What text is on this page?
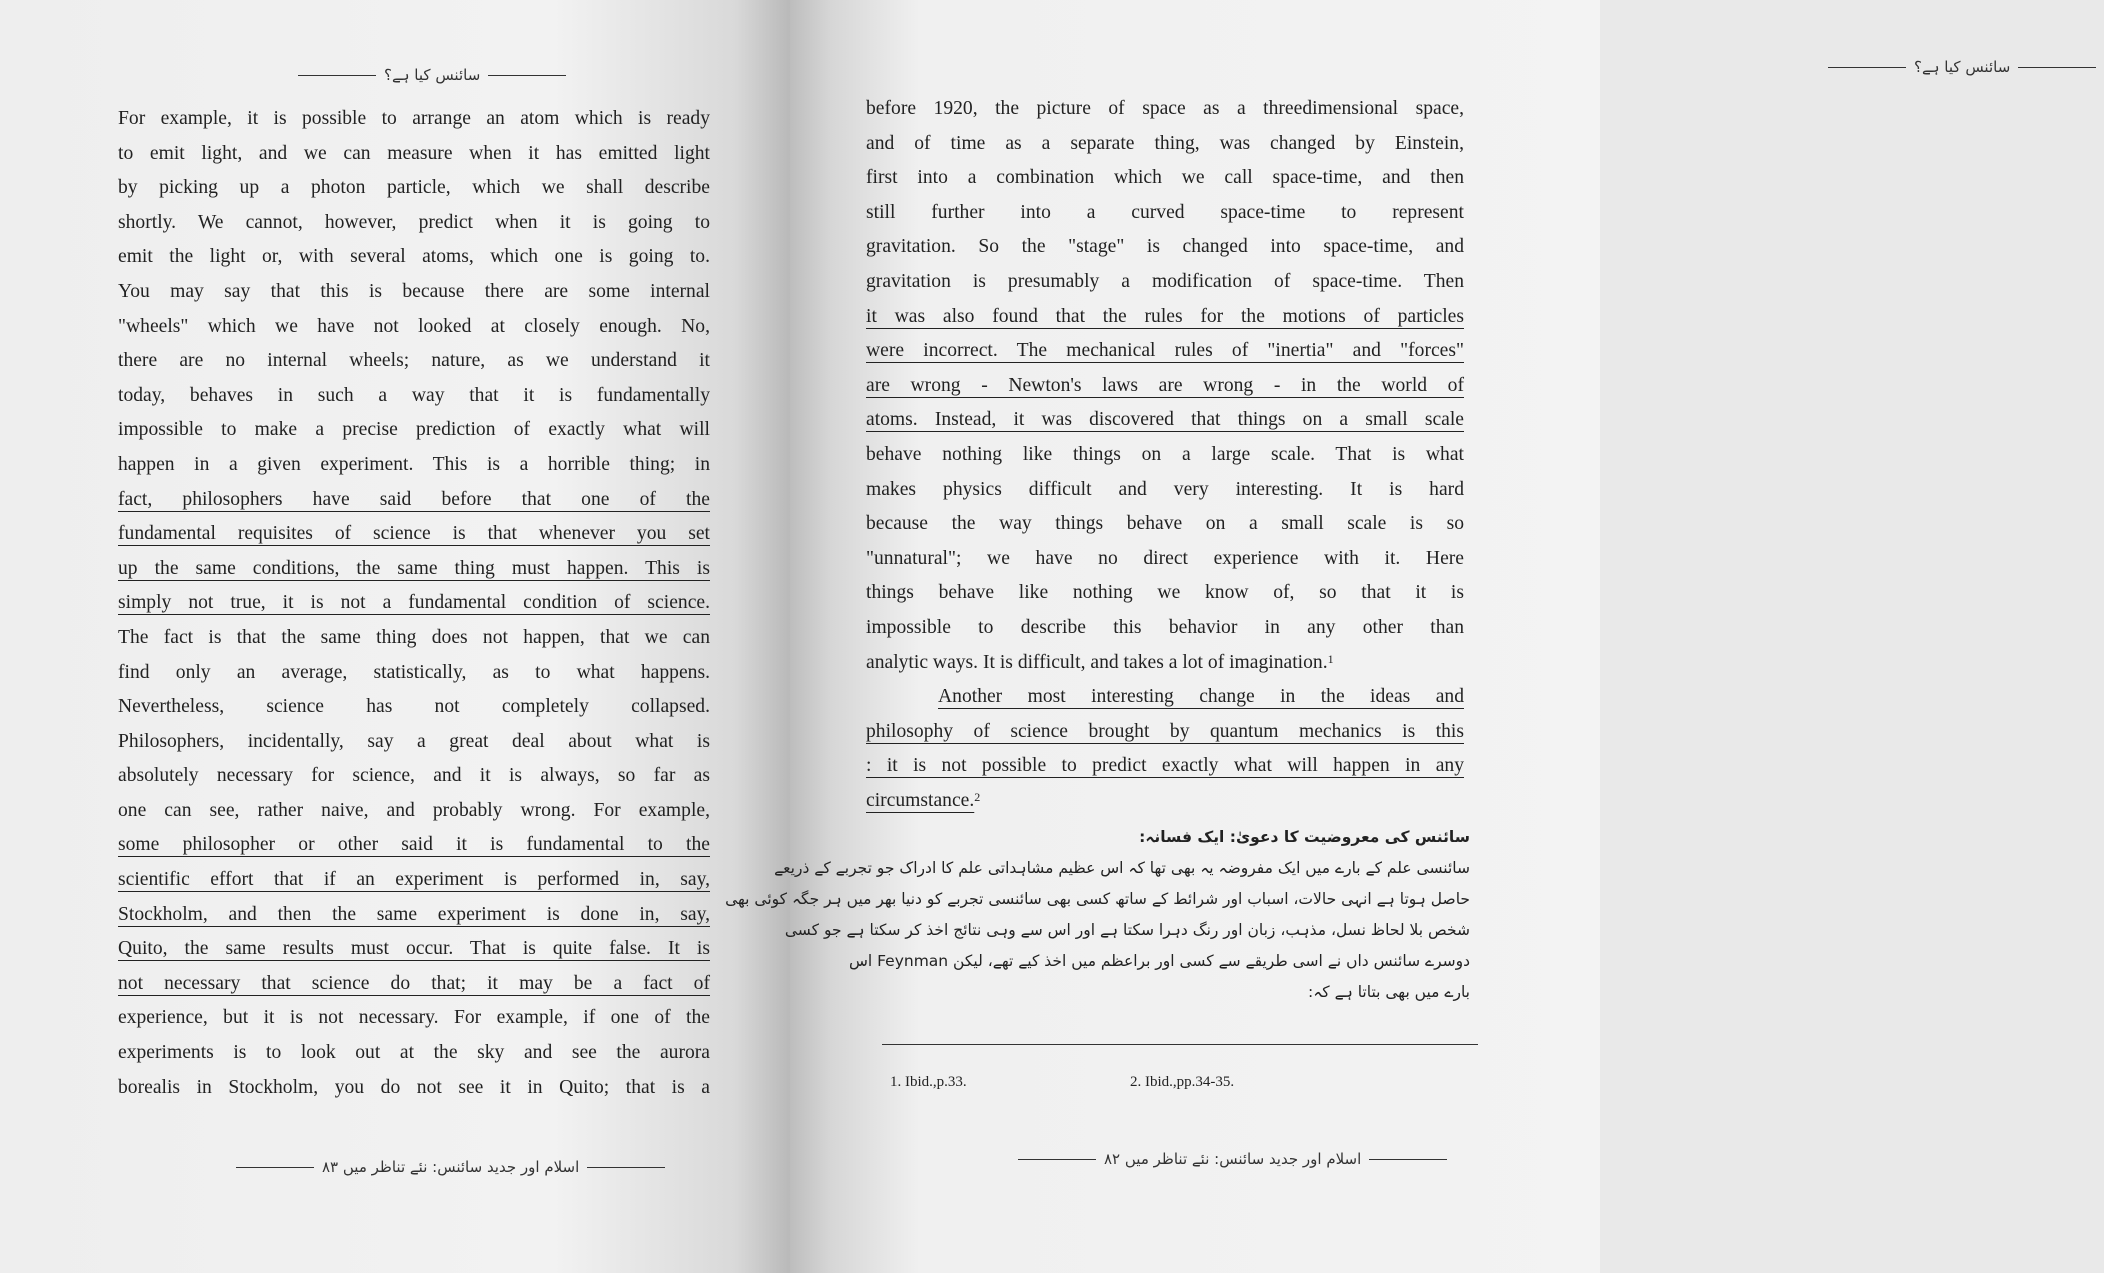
سائنس کیا ہے؟
For example, it is possible to arrange an atom which is ready
to emit light, and we can measure when it has emitted light
by picking up a photon particle, which we shall describe
shortly. We cannot, however, predict when it is going to
emit the light or, with several atoms, which one is going to.
You may say that this is because there are some internal
"wheels" which we have not looked at closely enough. No,
there are no internal wheels; nature, as we understand it
today, behaves in such a way that it is fundamentally
impossible to make a precise prediction of exactly what will
happen in a given experiment. This is a horrible thing; in
fact, philosophers have said before that one of the
fundamental requisites of science is that whenever you set
up the same conditions, the same thing must happen. This is
simply not true, it is not a fundamental condition of science.
The fact is that the same thing does not happen, that we can
find only an average, statistically, as to what happens.
Nevertheless, science has not completely collapsed.
Philosophers, incidentally, say a great deal about what is
absolutely necessary for science, and it is always, so far as
one can see, rather naive, and probably wrong. For example,
some philosopher or other said it is fundamental to the
scientific effort that if an experiment is performed in, say,
Stockholm, and then the same experiment is done in, say,
Quito, the same results must occur. That is quite false. It is
not necessary that science do that; it may be a fact of
experience, but it is not necessary. For example, if one of the
experiments is to look out at the sky and see the aurora
borealis in Stockholm, you do not see it in Quito; that is a
اسلام اور جدید سائنس: نئے تناظر میں ۸۳
سائنس کیا ہے؟
before 1920, the picture of space as a threedimensional space,
and of time as a separate thing, was changed by Einstein,
first into a combination which we call space-time, and then
still further into a curved space-time to represent
gravitation. So the "stage" is changed into space-time, and
gravitation is presumably a modification of space-time. Then
it was also found that the rules for the motions of particles
were incorrect. The mechanical rules of "inertia" and "forces"
are wrong - Newton's laws are wrong - in the world of
atoms. Instead, it was discovered that things on a small scale
behave nothing like things on a large scale. That is what
makes physics difficult and very interesting. It is hard
because the way things behave on a small scale is so
"unnatural"; we have no direct experience with it. Here
things behave like nothing we know of, so that it is
impossible to describe this behavior in any other than
analytic ways. It is difficult, and takes a lot of imagination.$^1$
Another most interesting change in the ideas and
philosophy of science brought by quantum mechanics is this
: it is not possible to predict exactly what will happen in any
circumstance.$^2$
سائنس کی معروضیت کا دعویٰ: ایک فسانہ:
سائنسی علم کے بارے میں ایک مفروضہ یہ بھی تھا کہ اس عظیم مشاہداتی علم کا ادراک جو تجربے کے ذریعے
حاصل ہوتا ہے انہی حالات، اسباب اور شرائط کے ساتھ کسی بھی سائنسی تجربے کو دنیا بھر میں ہر جگہ کوئی بھی
شخص بلا لحاظ نسل، مذہب، زبان اور رنگ دہرا سکتا ہے اور اس سے وہی نتائج اخذ کر سکتا ہے جو کسی
دوسرے سائنس داں نے اسی طریقے سے کسی اور براعظم میں اخذ کیے تھے، لیکن Feynman اس
بارے میں بھی بتاتا ہے کہ:
1. Ibid.,p.33.	2. Ibid.,pp.34-35.
اسلام اور جدید سائنس: نئے تناظر میں ۸۲
